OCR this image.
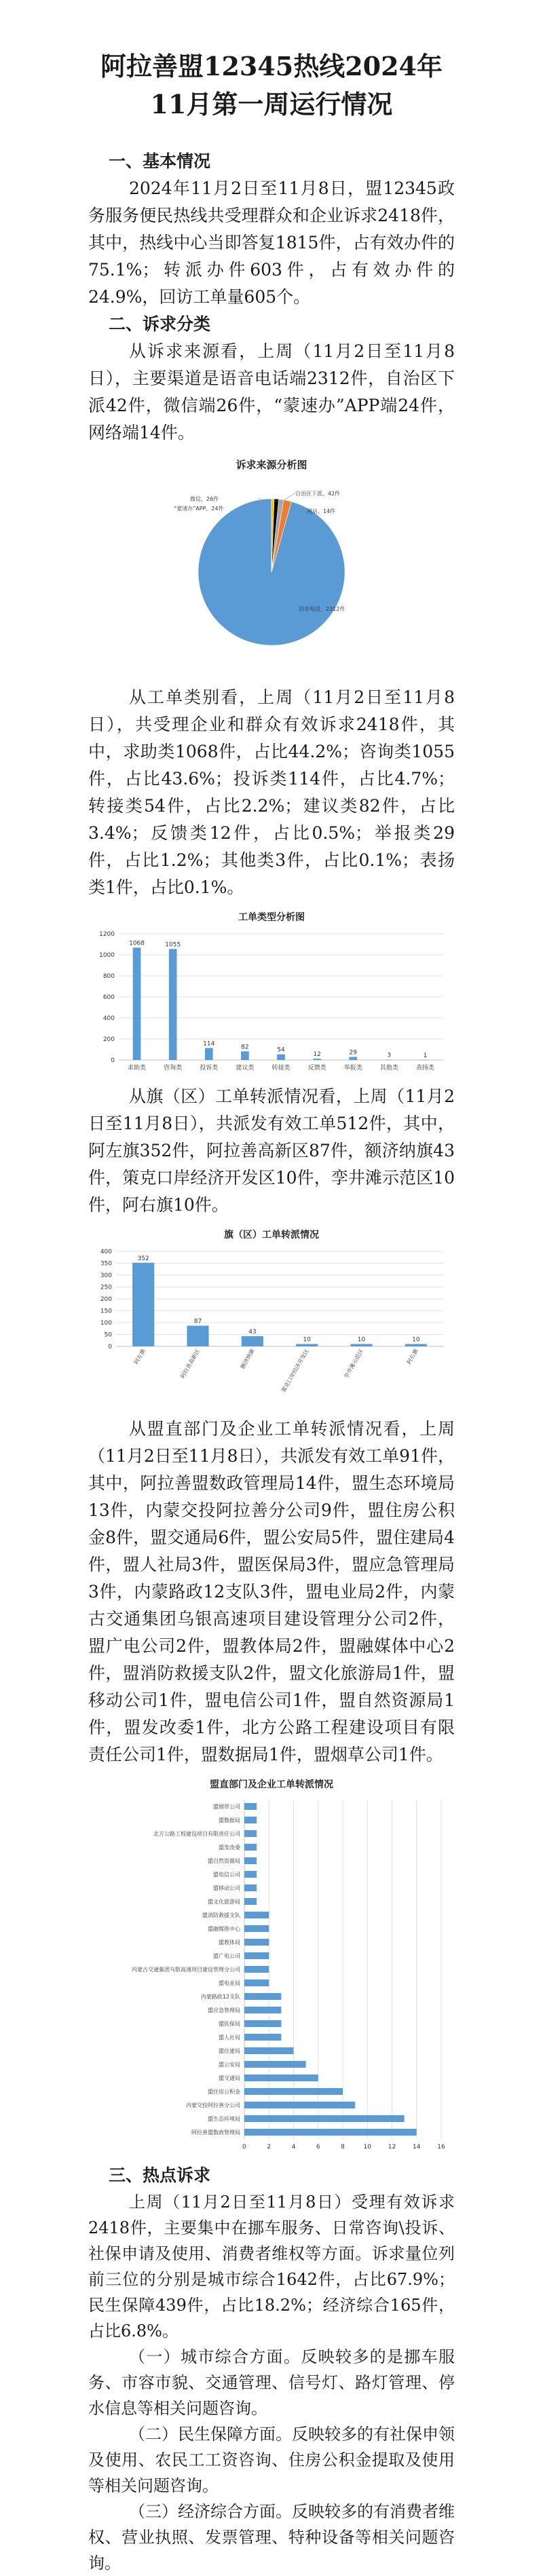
阿拉善盟12345热线2024年
11月第一周运行情况
一、基本情况
2024年11月2日至11月8日，盟12345政务服务便民热线共受理群众和企业诉求2418件，其中，热线中心当即答复1815件，占有效办件的75.1%；转派办件603件，占有效办件的24.9%，回访工单量605个。
二、诉求分类
从诉求来源看，上周（11月2日至11月8日），主要渠道是语音电话端2312件，自治区下派42件，微信端26件，“蒙速办”APP端24件，网络端14件。
诉求来源分析图
语音电话，2312件
自治区下派，42件
微信，26件
“蒙速办”APP，24件	网站，14件
从工单类别看，上周（11月2日至11月8日），共受理企业和群众有效诉求2418件，其中，求助类1068件，占比44.2%；咨询类1055件，占比43.6%；投诉类114件，占比4.7%；转接类54件，占比2.2%；建议类82件，占比3.4%；反馈类12件，占比0.5%；举报类29件，占比1.2%；其他类3件，占比0.1%；表扬类1件，占比0.1%。
工单类型分析图
0
200
400
600
800
1000
1200
1068
求助类
1055
咨询类
114
投诉类
82
建议类
54
转接类
12
反馈类
29
举报类
3
其他类
1
表扬类
从旗（区）工单转派情况看，上周（11月2日至11月8日），共派发有效工单512件，其中，阿左旗352件，阿拉善高新区87件，额济纳旗43件，策克口岸经济开发区10件，孪井滩示范区10件，阿右旗10件。
旗（区）工单转派情况
0
50
100
150
200
250
300
350
400
352
阿左旗
87
阿拉善高新区
43
额济纳旗
10
策克口岸经济开发区
10
孪井滩示范区
10
阿右旗
从盟直部门及企业工单转派情况看，上周（11月2日至11月8日），共派发有效工单91件，其中，阿拉善盟数政管理局14件，盟生态环境局13件，内蒙交投阿拉善分公司9件，盟住房公积金8件，盟交通局6件，盟公安局5件，盟住建局4件，盟人社局3件，盟医保局3件，盟应急管理局3件，内蒙路政12支队3件，盟电业局2件，内蒙古交通集团乌银高速项目建设管理分公司2件，盟广电公司2件，盟教体局2件，盟融媒体中心2件，盟消防救援支队2件，盟文化旅游局1件，盟移动公司1件，盟电信公司1件，盟自然资源局1件，盟发改委1件，北方公路工程建设项目有限责任公司1件，盟数据局1件，盟烟草公司1件。
盟直部门及企业工单转派情况
0	2	4	6	8	10	12	14	16
盟烟草公司
盟数据局
北方公路工程建设项目有限责任公司
盟发改委
盟自然资源局
盟电信公司
盟移动公司
盟文化旅游局
盟消防救援支队
盟融媒体中心
盟教体局
盟广电公司
内蒙古交通集团乌银高速项目建设管理分公司
盟电业局
内蒙路政12支队
盟应急管理局
盟医保局
盟人社局
盟住建局
盟公安局
盟交通局
盟住房公积金
内蒙交投阿拉善分公司
盟生态环境局
阿拉善盟数政管理局
三、热点诉求
上周（11月2日至11月8日）受理有效诉求2418件，主要集中在挪车服务、日常咨询\投诉、社保申请及使用、消费者维权等方面。诉求量位列前三位的分别是城市综合1642件，占比67.9%；民生保障439件，占比18.2%；经济综合165件，占比6.8%。
（一）城市综合方面。反映较多的是挪车服务、市容市貌、交通管理、信号灯、路灯管理、停水信息等相关问题咨询。
（二）民生保障方面。反映较多的有社保申领及使用、农民工工资咨询、住房公积金提取及使用等相关问题咨询。
（三）经济综合方面。反映较多的有消费者维权、营业执照、发票管理、特种设备等相关问题咨询。
